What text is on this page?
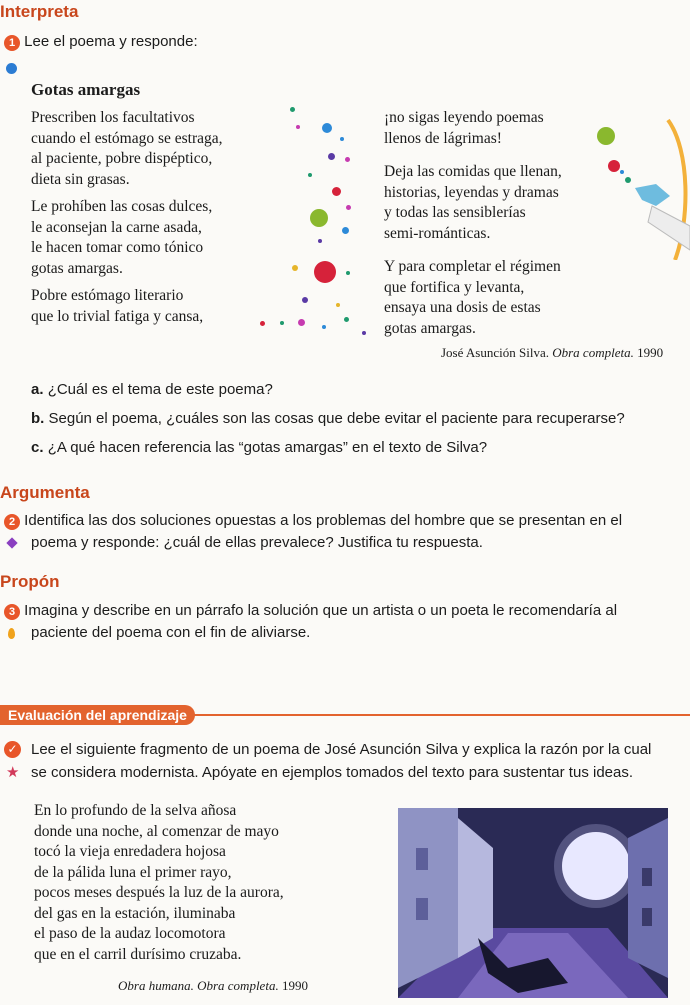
Interpreta
1 Lee el poema y responde:
Gotas amargas
Prescriben los facultativos
cuando el estómago se estraga,
al paciente, pobre dispéptico,
dieta sin grasas.
Le prohíben las cosas dulces,
le aconsejan la carne asada,
le hacen tomar como tónico
gotas amargas.
Pobre estómago literario
que lo trivial fatiga y cansa,
¡no sigas leyendo poemas
llenos de lágrimas!
Deja las comidas que llenan,
historias, leyendas y dramas
y todas las sensiblerías
semi-románticas.
Y para completar el régimen
que fortifica y levanta,
ensaya una dosis de estas
gotas amargas.
José Asunción Silva. Obra completa. 1990
a. ¿Cuál es el tema de este poema?
b. Según el poema, ¿cuáles son las cosas que debe evitar el paciente para recuperarse?
c. ¿A qué hacen referencia las “gotas amargas” en el texto de Silva?
Argumenta
2 Identifica las dos soluciones opuestas a los problemas del hombre que se presentan en el
poema y responde: ¿cuál de ellas prevalece? Justifica tu respuesta.
Propón
3 Imagina y describe en un párrafo la solución que un artista o un poeta le recomendaría al
paciente del poema con el fin de aliviarse.
Evaluación del aprendizaje
✓ Lee el siguiente fragmento de un poema de José Asunción Silva y explica la razón por la cual
★ se considera modernista. Apóyate en ejemplos tomados del texto para sustentar tus ideas.
En lo profundo de la selva añosa
donde una noche, al comenzar de mayo
tocó la vieja enredadera hojosa
de la pálida luna el primer rayo,
pocos meses después la luz de la aurora,
del gas en la estación, iluminaba
el paso de la audaz locomotora
que en el carril durísimo cruzaba.
Obra humana. Obra completa. 1990
